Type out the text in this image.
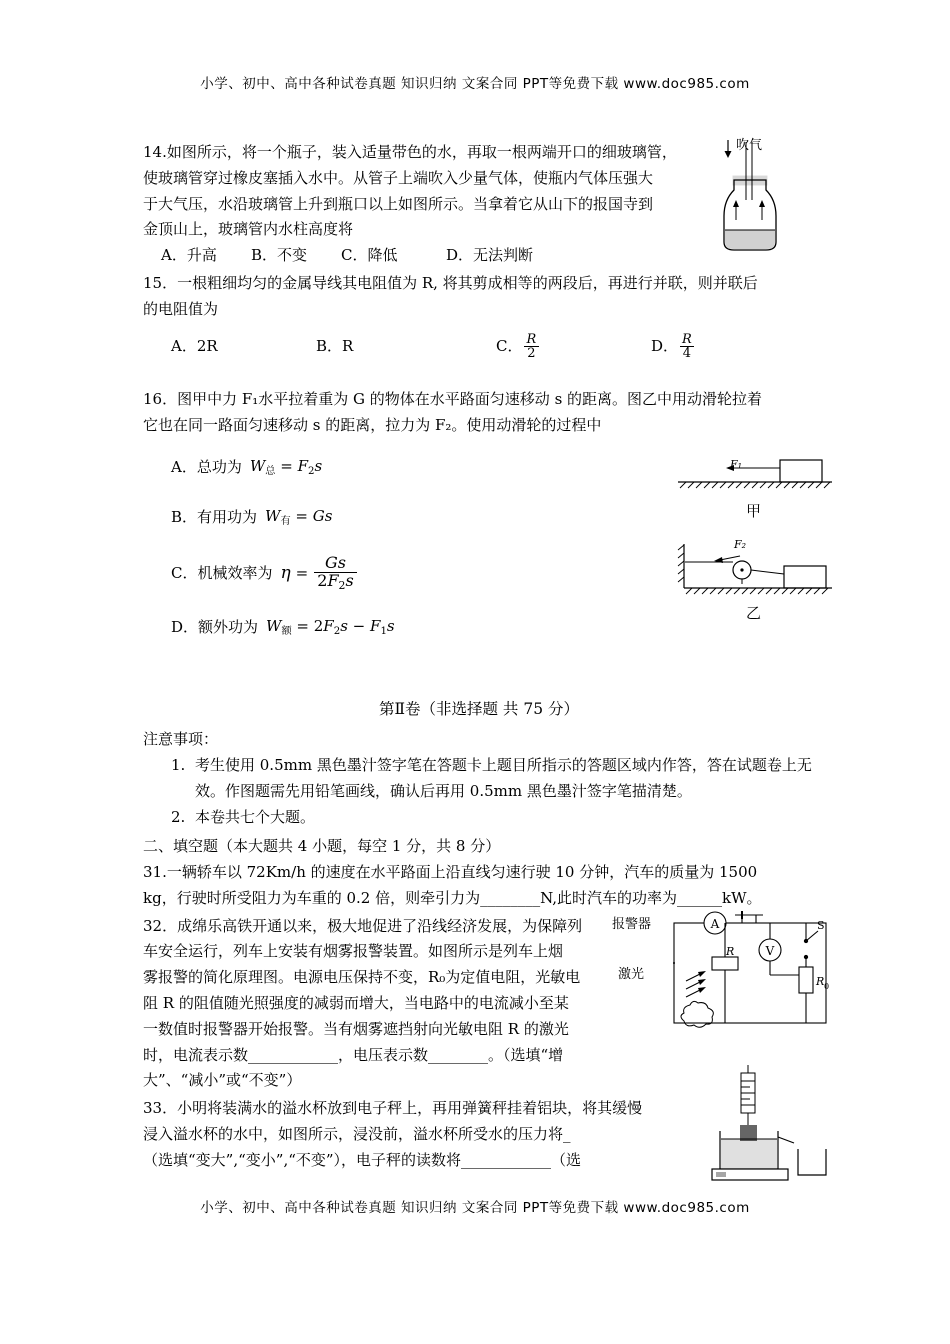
小学、初中、高中各种试卷真题 知识归纳 文案合同 PPT等免费下载 www.doc985.com
小学、初中、高中各种试卷真题 知识归纳 文案合同 PPT等免费下载 www.doc985.com
14.如图所示，将一个瓶子，装入适量带色的水，再取一根两端开口的细玻璃管，
使玻璃管穿过橡皮塞插入水中。从管子上端吹入少量气体，使瓶内气体压强大
于大气压，水沿玻璃管上升到瓶口以上如图所示。当拿着它从山下的报国寺到
金顶山上，玻璃管内水柱高度将
A．升高	B．不变	C．降低	D．无法判断
15．一根粗细均匀的金属导线其电阻值为 R, 将其剪成相等的两段后，再进行并联，则并联后
的电阻值为
A．2R	B．R	C． $\frac{R}{2}$	D． $\frac{R}{4}$
16．图甲中力 F₁水平拉着重为 G 的物体在水平路面匀速移动 s 的距离。图乙中用动滑轮拉着
它也在同一路面匀速移动 s 的距离，拉力为 F₂。使用动滑轮的过程中
A．总功为 $W_总 = F_2s$
B．有用功为 $W_有 = Gs$
C．机械效率为 $\eta = \frac{Gs}{2F_2s}$
D．额外功为 $W_额 = 2F_2s - F_1s$
第Ⅱ卷（非选择题 共 75 分）
注意事项：
1. 考生使用 0.5mm 黑色墨汁签字笔在答题卡上题目所指示的答题区域内作答，答在试题卷上无效。作图题需先用铅笔画线，确认后再用 0.5mm 黑色墨汁签字笔描清楚。
2. 本卷共七个大题。
二、填空题（本大题共 4 小题，每空 1 分，共 8 分）
31.一辆轿车以 72Km/h 的速度在水平路面上沿直线匀速行驶 10 分钟，汽车的质量为 1500
kg，行驶时所受阻力为车重的 0.2 倍，则牵引力为________N,此时汽车的功率为______kW。
32．成绵乐高铁开通以来，极大地促进了沿线经济发展，为保障列
车安全运行，列车上安装有烟雾报警装置。如图所示是列车上烟
雾报警的简化原理图。电源电压保持不变，R₀为定值电阻，光敏电
阻 R 的阻值随光照强度的减弱而增大，当电路中的电流减小至某
一数值时报警器开始报警。当有烟雾遮挡射向光敏电阻 R 的激光
时，电流表示数____________，电压表示数________。（选填“增
大”、“减小”或“不变”）
33．小明将装满水的溢水杯放到电子秤上，再用弹簧秤挂着铝块，将其缓慢
浸入溢水杯的水中，如图所示，浸没前，溢水杯所受水的压力将_
（选填“变大”,“变小”,“不变”），电子秤的读数将____________（选
吹气
F₁
甲
F₂
乙
A
V
S
R 0
R
报警器
激光
